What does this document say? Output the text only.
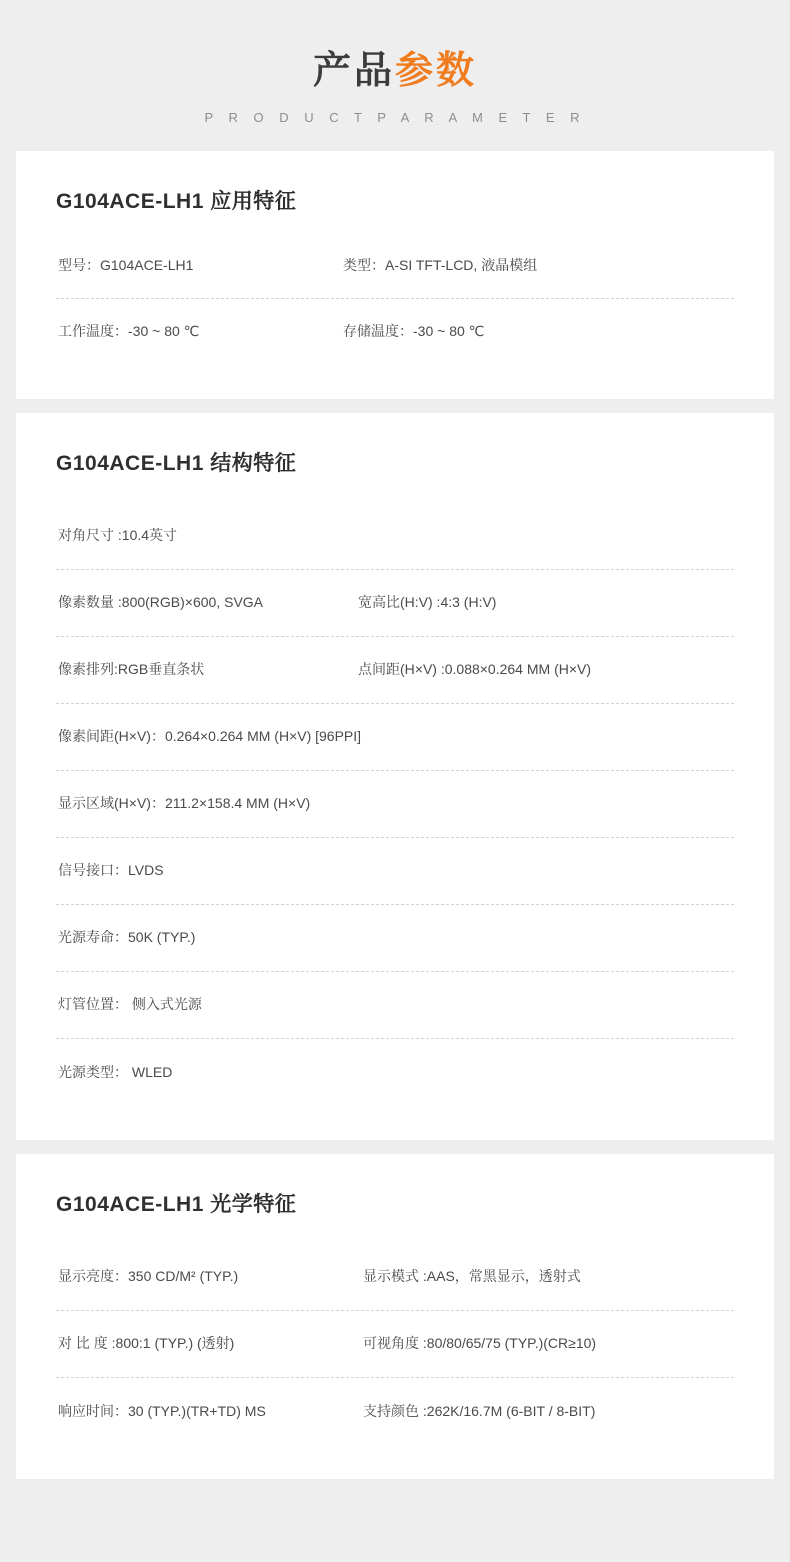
产品参数
P R O D U C T P A R A M E T E R
G104ACE-LH1 应用特征
型号：G104ACE-LH1	类型：A-SI TFT-LCD, 液晶模组
工作温度：-30 ~ 80 ℃	存储温度：-30 ~ 80 ℃
G104ACE-LH1 结构特征
对角尺寸 :10.4英寸
像素数量 :800(RGB)×600, SVGA	宽高比(H:V) :4:3 (H:V)
像素排列:RGB垂直条状	点间距(H×V) :0.088×0.264 MM (H×V)
像素间距(H×V)：0.264×0.264 MM (H×V) [96PPI]
显示区域(H×V)：211.2×158.4 MM (H×V)
信号接口：LVDS
光源寿命：50K (TYP.)
灯管位置： 侧入式光源
光源类型： WLED
G104ACE-LH1 光学特征
显示亮度：350 CD/M² (TYP.)	显示模式 :AAS，常黑显示，透射式
对 比 度 :800:1 (TYP.) (透射)	可视角度 :80/80/65/75 (TYP.)(CR≥10)
响应时间：30 (TYP.)(TR+TD) MS	支持颜色 :262K/16.7M (6-BIT / 8-BIT)
